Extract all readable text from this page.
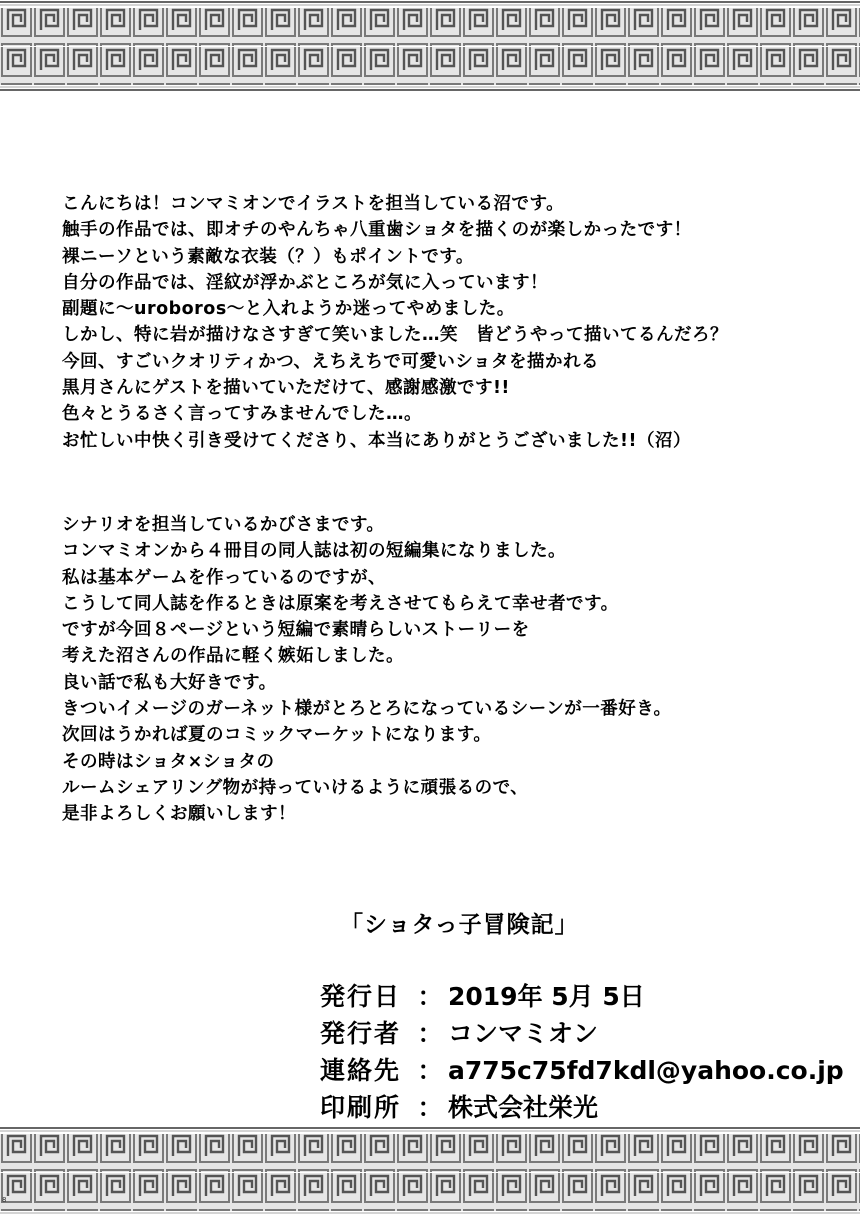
こんにちは！コンマミオンでイラストを担当している沼です。
触手の作品では、即オチのやんちゃ八重歯ショタを描くのが楽しかったです！
裸ニーソという素敵な衣装（？）もポイントです。
自分の作品では、淫紋が浮かぶところが気に入っています！
副題に〜uroboros〜と入れようか迷ってやめました。
しかし、特に岩が描けなさすぎて笑いました…笑　皆どうやって描いてるんだろ？
今回、すごいクオリティかつ、えちえちで可愛いショタを描かれる
黒月さんにゲストを描いていただけて、感謝感激です!!
色々とうるさく言ってすみませんでした…。
お忙しい中快く引き受けてくださり、本当にありがとうございました!!（沼）
シナリオを担当しているかびさまです。
コンマミオンから４冊目の同人誌は初の短編集になりました。
私は基本ゲームを作っているのですが、
こうして同人誌を作るときは原案を考えさせてもらえて幸せ者です。
ですが今回８ページという短編で素晴らしいストーリーを
考えた沼さんの作品に軽く嫉妬しました。
良い話で私も大好きです。
きついイメージのガーネット様がとろとろになっているシーンが一番好き。
次回はうかれば夏のコミックマーケットになります。
その時はショタ×ショタの
ルームシェアリング物が持っていけるように頑張るので、
是非よろしくお願いします！
「ショタっ子冒険記」
発行日 ： 2019年 5月 5日
発行者 ： コンマミオン
連絡先 ： a775c75fd7kdl@yahoo.co.jp
印刷所 ： 株式会社栄光
8
